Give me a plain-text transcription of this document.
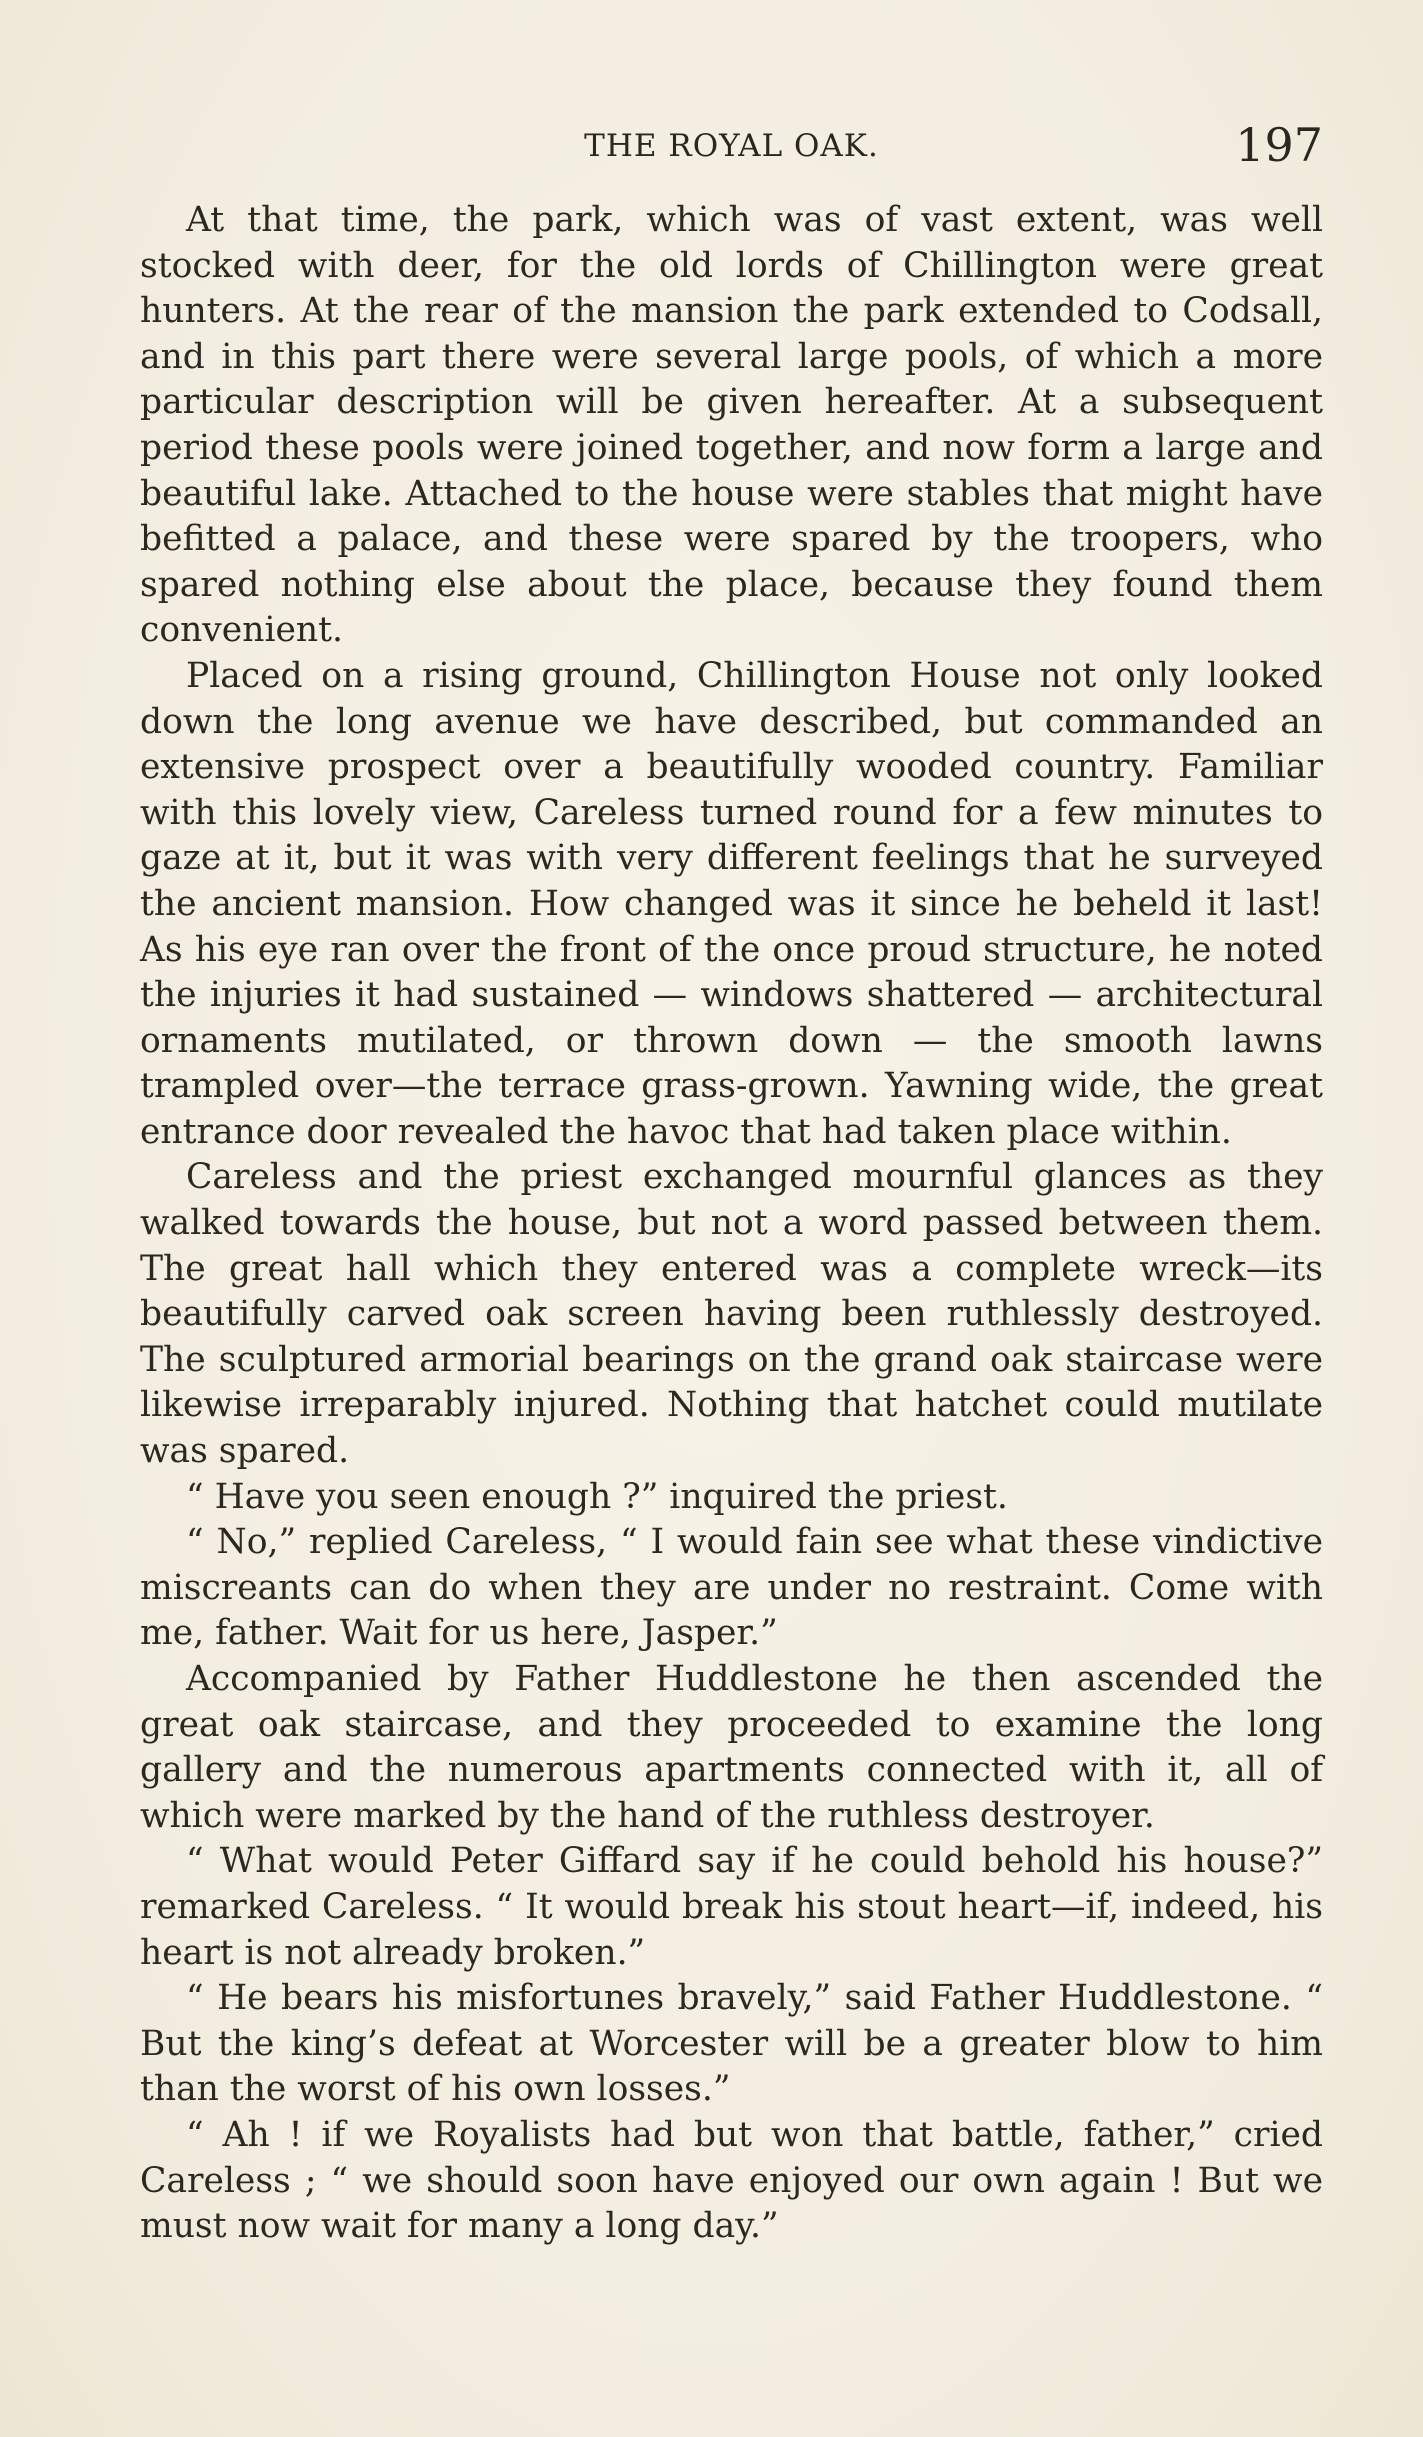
THE ROYAL OAK.	197

At that time, the park, which was of vast extent, was well stocked with deer, for the old lords of Chillington were great hunters. At the rear of the mansion the park extended to Codsall, and in this part there were several large pools, of which a more particular description will be given hereafter. At a subsequent period these pools were joined together, and now form a large and beautiful lake. Attached to the house were stables that might have befitted a palace, and these were spared by the troopers, who spared nothing else about the place, because they found them convenient.

Placed on a rising ground, Chillington House not only looked down the long avenue we have described, but commanded an extensive prospect over a beautifully wooded country. Familiar with this lovely view, Careless turned round for a few minutes to gaze at it, but it was with very different feelings that he surveyed the ancient mansion. How changed was it since he beheld it last! As his eye ran over the front of the once proud structure, he noted the injuries it had sustained — windows shattered — architectural ornaments mutilated, or thrown down — the smooth lawns trampled over—the terrace grass-grown. Yawning wide, the great entrance door revealed the havoc that had taken place within.

Careless and the priest exchanged mournful glances as they walked towards the house, but not a word passed between them. The great hall which they entered was a complete wreck—its beautifully carved oak screen having been ruthlessly destroyed. The sculptured armorial bearings on the grand oak staircase were likewise irreparably injured. Nothing that hatchet could mutilate was spared.

“ Have you seen enough ?” inquired the priest.

“ No,” replied Careless, “ I would fain see what these vindictive miscreants can do when they are under no restraint. Come with me, father. Wait for us here, Jasper.”

Accompanied by Father Huddlestone he then ascended the great oak staircase, and they proceeded to examine the long gallery and the numerous apartments connected with it, all of which were marked by the hand of the ruthless destroyer.

“ What would Peter Giffard say if he could behold his house?” remarked Careless. “ It would break his stout heart—if, indeed, his heart is not already broken.”

“ He bears his misfortunes bravely,” said Father Huddlestone. “ But the king’s defeat at Worcester will be a greater blow to him than the worst of his own losses.”

“ Ah ! if we Royalists had but won that battle, father,” cried Careless ; “ we should soon have enjoyed our own again ! But we must now wait for many a long day.”
